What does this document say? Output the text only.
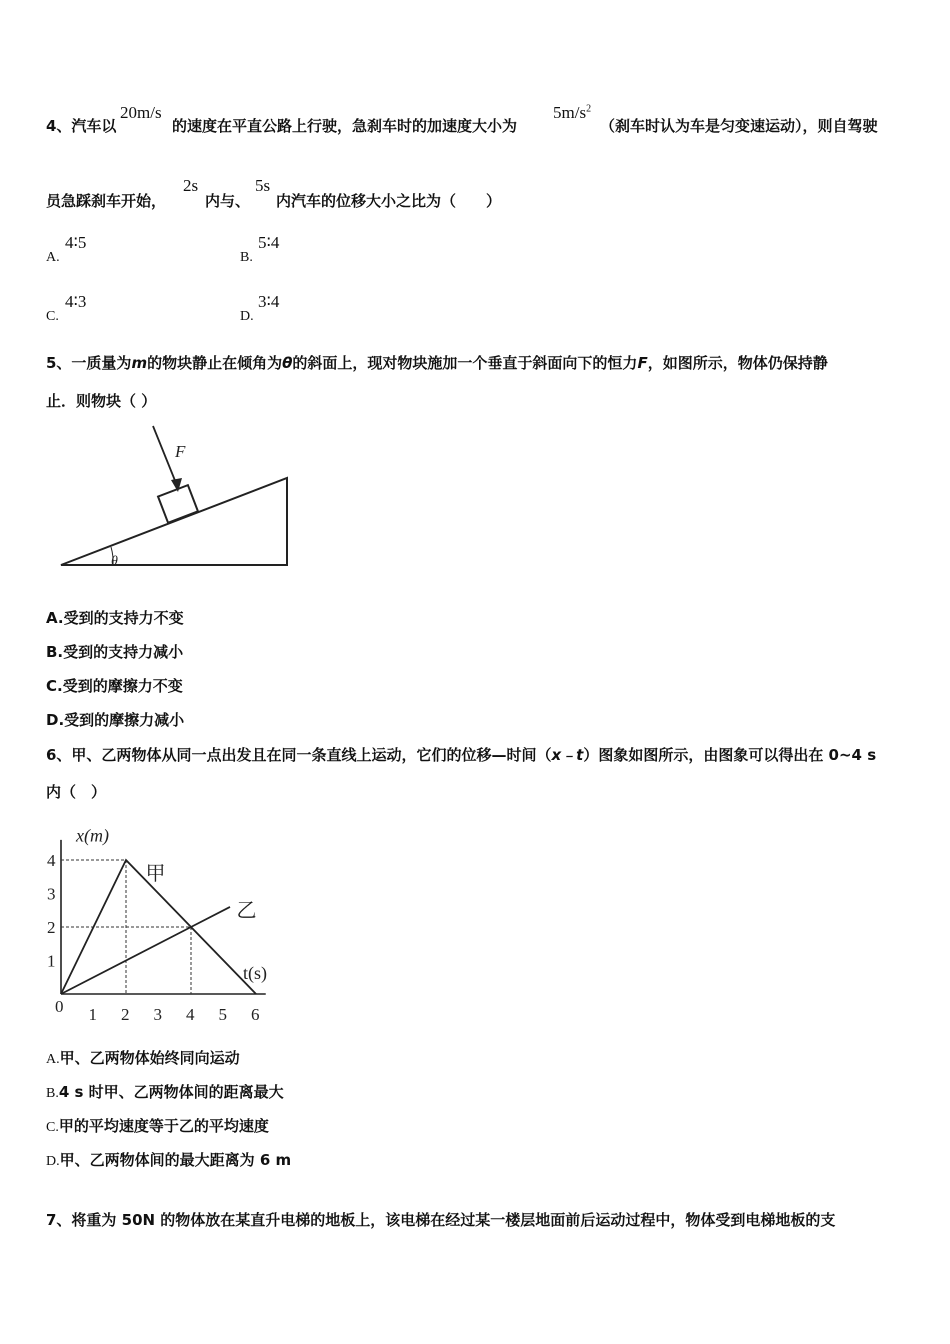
4、汽车以
20m/s
的速度在平直公路上行驶，急刹车时的加速度大小为
$5m/s^2$
（刹车时认为车是匀变速运动），则自驾驶
员急踩刹车开始，
2s
内与、
5s
内汽车的位移大小之比为（　　）
A.
4∶5
B.
5∶4
C.
4∶3
D.
3∶4
5、一质量为m的物块静止在倾角为θ的斜面上，现对物块施加一个垂直于斜面向下的恒力F，如图所示，物体仍保持静
止．则物块（ ）
F
θ
A.受到的支持力不变
B.受到的支持力减小
C.受到的摩擦力不变
D.受到的摩擦力减小
6、甲、乙两物体从同一点出发且在同一条直线上运动，它们的位移—时间（x﹣t）图象如图所示，由图象可以得出在 0~4 s
内（　）
甲
乙
0 1 2 3 4 5 6
1
2
3
4
x(m)
t(s)
A.甲、乙两物体始终同向运动
B.4 s 时甲、乙两物体间的距离最大
C.甲的平均速度等于乙的平均速度
D.甲、乙两物体间的最大距离为 6 m
7、将重为 50N 的物体放在某直升电梯的地板上，该电梯在经过某一楼层地面前后运动过程中，物体受到电梯地板的支
